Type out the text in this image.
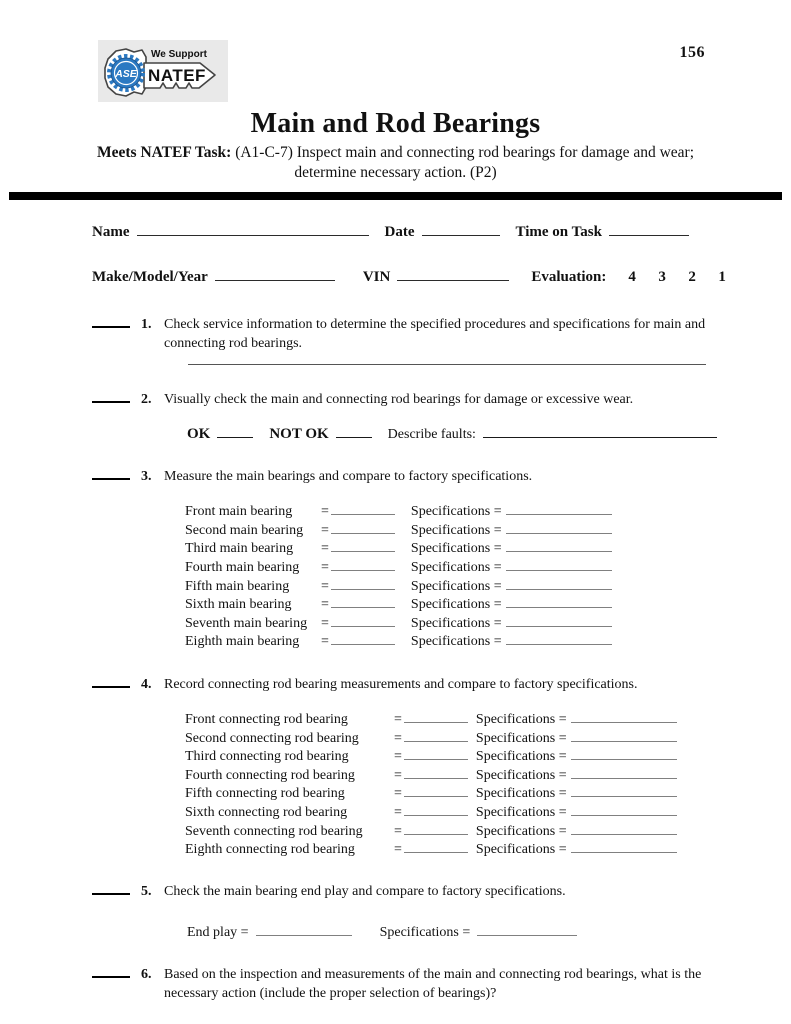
ASE
We Support
NATEF
156
Main and Rod Bearings

Meets NATEF Task: (A1-C-7) Inspect main and connecting rod bearings for damage and wear;
determine necessary action. (P2)

Name	Date	Time on Task
Make/Model/Year	VIN	Evaluation: 4 3 2 1
1. Check service information to determine the specified procedures and specifications for main and connecting rod bearings.
2. Visually check the main and connecting rod bearings for damage or excessive wear.
OK	NOT OK	Describe faults:
3. Measure the main bearings and compare to factory specifications.
Front main bearing	=	Specifications =
Second main bearing	=	Specifications =
Third main bearing	=	Specifications =
Fourth main bearing	=	Specifications =
Fifth main bearing	=	Specifications =
Sixth main bearing	=	Specifications =
Seventh main bearing =	Specifications =
Eighth main bearing	=	Specifications =
4. Record connecting rod bearing measurements and compare to factory specifications.
Front connecting rod bearing	=	Specifications =
Second connecting rod bearing	=	Specifications =
Third connecting rod bearing	=	Specifications =
Fourth connecting rod bearing	=	Specifications =
Fifth connecting rod bearing	=	Specifications =
Sixth connecting rod bearing	=	Specifications =
Seventh connecting rod bearing	=	Specifications =
Eighth connecting rod bearing	=	Specifications =
5. Check the main bearing end play and compare to factory specifications.
End play =	Specifications =
6. Based on the inspection and measurements of the main and connecting rod bearings, what is the necessary action (include the proper selection of bearings)?
